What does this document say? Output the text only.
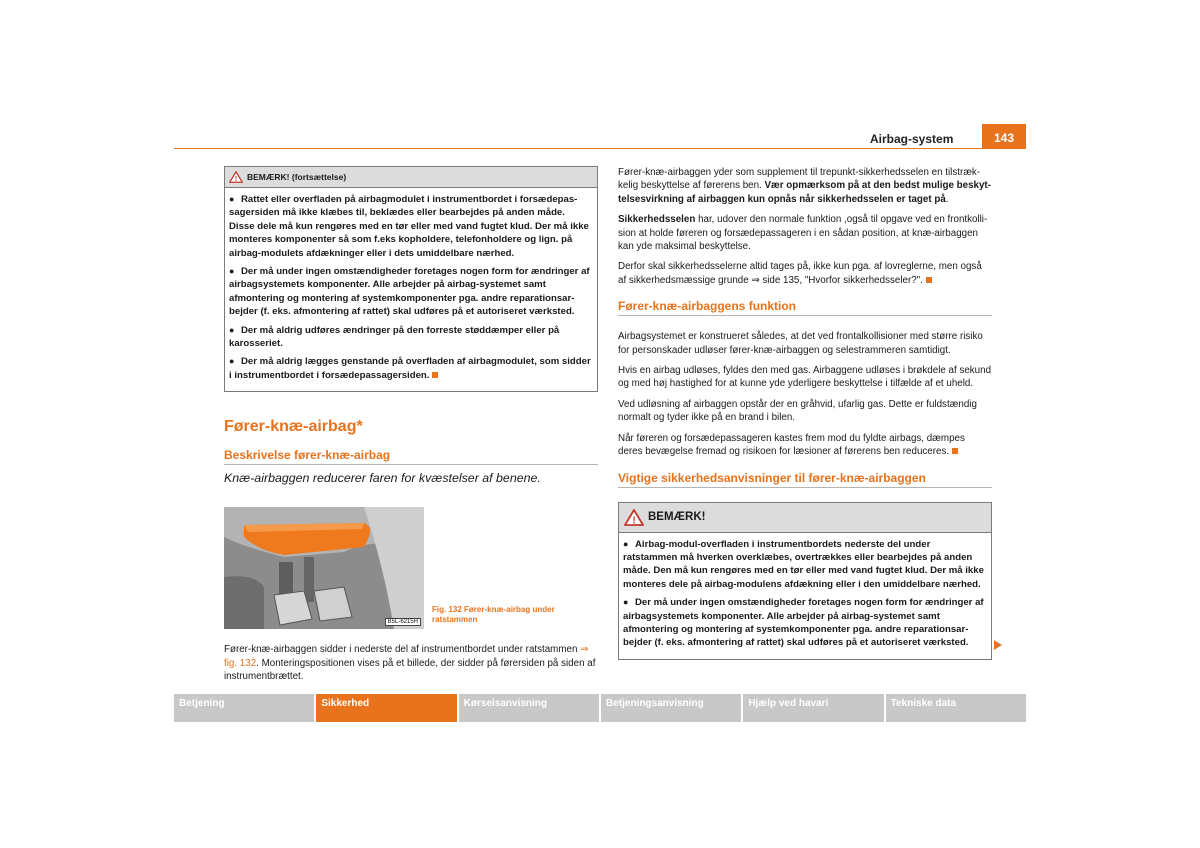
Airbag-system	143
! BEMÆRK! (fortsættelse)
● Rattet eller overfladen på airbagmodulet i instrumentbordet i forsædepas-sagersiden må ikke klæbes til, beklædes eller bearbejdes på anden måde. Disse dele må kun rengøres med en tør eller med vand fugtet klud. Der må ikke monteres komponenter så som f.eks kopholdere, telefonholdere og lign. på airbag-modulets afdækninger eller i dets umiddelbare nærhed.
● Der må under ingen omstændigheder foretages nogen form for ændringer af airbagsystemets komponenter. Alle arbejder på airbag-systemet samt afmontering og montering af systemkomponenter pga. andre reparationsar-bejder (f. eks. afmontering af rattet) skal udføres på et autoriseret værksted.
● Der må aldrig udføres ændringer på den forreste støddæmper eller på karosseriet.
● Der må aldrig lægges genstande på overfladen af airbagmodulet, som sidder i instrumentbordet i forsædepassagersiden.
Fører-knæ-airbag*
Beskrivelse fører-knæ-airbag
Knæ-airbaggen reducerer faren for kvæstelser af benene.
B5L-6215H
Fig. 132 Fører-knæ-airbag under
ratstammen
Fører-knæ-airbaggen sidder i nederste del af instrumentbordet under ratstammen ⇒ fig. 132. Monteringspositionen vises på et billede, der sidder på førersiden på siden af instrumentbrættet.
Fører-knæ-airbaggen yder som supplement til trepunkt-sikkerhedsselen en tilstræk-kelig beskyttelse af førerens ben. Vær opmærksom på at den bedst mulige beskyt-telsesvirkning af airbaggen kun opnås når sikkerhedsselen er taget på.
Sikkerhedsselen har, udover den normale funktion ,også til opgave ved en frontkolli-sion at holde føreren og forsædepassageren i en sådan position, at knæ-airbaggen kan yde maksimal beskyttelse.
Derfor skal sikkerhedsselerne altid tages på, ikke kun pga. af lovreglerne, men også af sikkerhedsmæssige grunde ⇒ side 135, "Hvorfor sikkerhedsseler?".
Fører-knæ-airbaggens funktion
Airbagsystemet er konstrueret således, at det ved frontalkollisioner med større risiko for personskader udløser fører-knæ-airbaggen og selestrammeren samtidigt.
Hvis en airbag udløses, fyldes den med gas. Airbaggene udløses i brøkdele af sekund og med høj hastighed for at kunne yde yderligere beskyttelse i tilfælde af et uheld.
Ved udløsning af airbaggen opstår der en gråhvid, ufarlig gas. Dette er fuldstændig normalt og tyder ikke på en brand i bilen.
Når føreren og forsædepassageren kastes frem mod du fyldte airbags, dæmpes deres bevægelse fremad og risikoen for læsioner af førerens ben reduceres.
Vigtige sikkerhedsanvisninger til fører-knæ-airbaggen
! BEMÆRK!
● Airbag-modul-overfladen i instrumentbordets nederste del under ratstammen må hverken overklæbes, overtrækkes eller bearbejdes på anden måde. Den må kun rengøres med en tør eller med vand fugtet klud. Der må ikke monteres dele på airbag-modulens afdækning eller i den umiddelbare nærhed.
● Der må under ingen omstændigheder foretages nogen form for ændringer af airbagsystemets komponenter. Alle arbejder på airbag-systemet samt afmontering og montering af systemkomponenter pga. andre reparationsar-bejder (f. eks. afmontering af rattet) skal udføres på et autoriseret værksted.
Betjening	Sikkerhed	Kørselsanvisning	Betjeningsanvisning	Hjælp ved havari	Tekniske data
